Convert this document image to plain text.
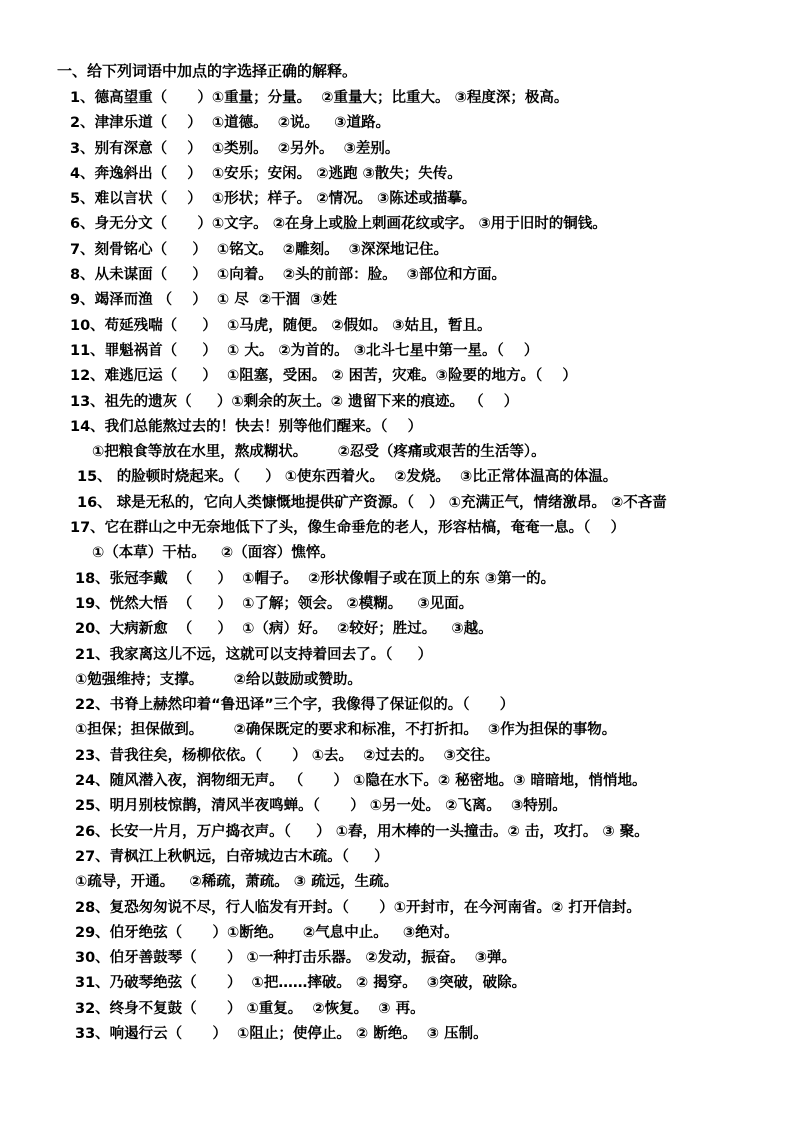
一、给下列词语中加点的字选择正确的解释。
1、德高望重（      ）①重量；分量。  ②重量大；比重大。 ③程度深；极高。
2、津津乐道（    ）  ①道德。  ②说。   ③道路。
3、别有深意（    ）  ①类别。  ②另外。  ③差别。
4、奔逸斜出（    ）  ①安乐；安闲。 ②逃跑 ③散失；失传。
5、难以言状（    ）  ①形状；样子。 ②情况。 ③陈述或描摹。
6、身无分文（      ）①文字。 ②在身上或脸上刺画花纹或字。 ③用于旧时的铜钱。
7、刻骨铭心（     ）  ①铭文。  ②雕刻。  ③深深地记住。
8、从未谋面（     ）  ①向着。  ②头的前部：脸。  ③部位和方面。
9、竭泽而渔 （    ）  ① 尽  ②干涸  ③姓
10、苟延残喘（     ）  ①马虎，随便。 ②假如。 ③姑且，暂且。
11、罪魁祸首（     ）  ① 大。 ②为首的。 ③北斗七星中第一星。（    ）
12、难逃厄运（     ）  ①阻塞，受困。 ② 困苦，灾难。③险要的地方。（    ）
13、祖先的遗灰（     ）①剩余的灰土。② 遗留下来的痕迹。 （    ）
14、我们总能熬过去的！快去！别等他们醒来。（    ）
①把粮食等放在水里，熬成糊状。      ②忍受（疼痛或艰苦的生活等）。
15、 的脸顿时烧起来。（     ） ①使东西着火。  ②发烧。  ③比正常体温高的体温。
16、 球是无私的，它向人类慷慨地提供矿产资源。（   ） ①充满正气，情绪激昂。 ②不吝啬
17、它在群山之中无奈地低下了头，像生命垂危的老人，形容枯槁，奄奄一息。（    ）
①（本草）干枯。   ②（面容）憔悴。
18、张冠李戴  （     ）  ①帽子。  ②形状像帽子或在顶上的东 ③第一的。
19、恍然大悟  （     ）  ①了解；领会。 ②模糊。   ③见面。
20、大病新愈  （     ）  ①（病）好。  ②较好；胜过。   ③越。
21、我家离这儿不远，这就可以支持着回去了。（     ）
①勉强维持；支撑。      ②给以鼓励或赞助。
22、书脊上赫然印着“鲁迅译”三个字，我像得了保证似的。（      ）
①担保；担保做到。      ②确保既定的要求和标准，不打折扣。  ③作为担保的事物。
23、昔我往矣，杨柳依依。（      ） ①去。  ②过去的。  ③交往。
24、随风潜入夜，润物细无声。 （      ） ①隐在水下。② 秘密地。③ 暗暗地，悄悄地。
25、明月别枝惊鹊，清风半夜鸣蝉。（      ） ①另一处。 ②飞离。  ③特别。
26、长安一片月，万户捣衣声。（     ） ①舂，用木棒的一头撞击。② 击，攻打。 ③ 聚。
27、青枫江上秋帆远，白帝城边古木疏。（     ）
①疏导，开通。   ②稀疏，萧疏。 ③ 疏远，生疏。
28、复恐匆匆说不尽，行人临发有开封。（      ）①开封市，在今河南省。② 打开信封。
29、伯牙绝弦（      ）①断绝。    ②气息中止。   ③绝对。
30、伯牙善鼓琴（      ） ①一种打击乐器。 ②发动，振奋。  ③弹。
31、乃破琴绝弦（      ）  ①把……摔破。 ② 揭穿。  ③突破，破除。
32、终身不复鼓（      ） ①重复。  ②恢复。  ③ 再。
33、响遏行云（      ）  ①阻止；使停止。 ② 断绝。  ③ 压制。
